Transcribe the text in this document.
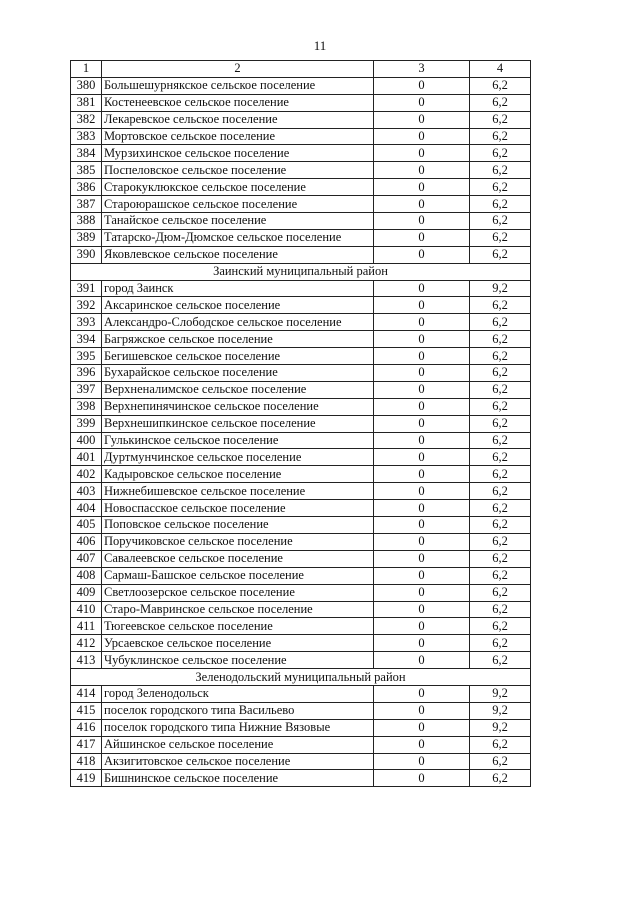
11
1	2	3	4
380	Большешурнякское сельское поселение	0	6,2
381	Костенеевское сельское поселение	0	6,2
382	Лекаревское сельское поселение	0	6,2
383	Мортовское сельское поселение	0	6,2
384	Мурзихинское сельское поселение	0	6,2
385	Поспеловское сельское поселение	0	6,2
386	Старокуклюкское сельское поселение	0	6,2
387	Староюрашское сельское поселение	0	6,2
388	Танайское сельское поселение	0	6,2
389	Татарско-Дюм-Дюмское сельское поселение	0	6,2
390	Яковлевское сельское поселение	0	6,2
Заинский муниципальный район			
391	город Заинск	0	9,2
392	Аксаринское сельское поселение	0	6,2
393	Александро-Слободское сельское поселение	0	6,2
394	Багряжское сельское поселение	0	6,2
395	Бегишевское сельское поселение	0	6,2
396	Бухарайское сельское поселение	0	6,2
397	Верхненалимское сельское поселение	0	6,2
398	Верхнепинячинское сельское поселение	0	6,2
399	Верхнешипкинское сельское поселение	0	6,2
400	Гулькинское сельское поселение	0	6,2
401	Дуртмунчинское сельское поселение	0	6,2
402	Кадыровское сельское поселение	0	6,2
403	Нижнебишевское сельское поселение	0	6,2
404	Новоспасское сельское поселение	0	6,2
405	Поповское сельское поселение	0	6,2
406	Поручиковское сельское поселение	0	6,2
407	Савалеевское сельское поселение	0	6,2
408	Сармаш-Башское сельское поселение	0	6,2
409	Светлоозерское сельское поселение	0	6,2
410	Старо-Мавринское сельское поселение	0	6,2
411	Тюгеевское сельское поселение	0	6,2
412	Урсаевское сельское поселение	0	6,2
413	Чубуклинское сельское поселение	0	6,2
Зеленодольский муниципальный район			
414	город Зеленодольск	0	9,2
415	поселок городского типа Васильево	0	9,2
416	поселок городского типа Нижние Вязовые	0	9,2
417	Айшинское сельское поселение	0	6,2
418	Акзигитовское сельское поселение	0	6,2
419	Бишнинское сельское поселение	0	6,2
